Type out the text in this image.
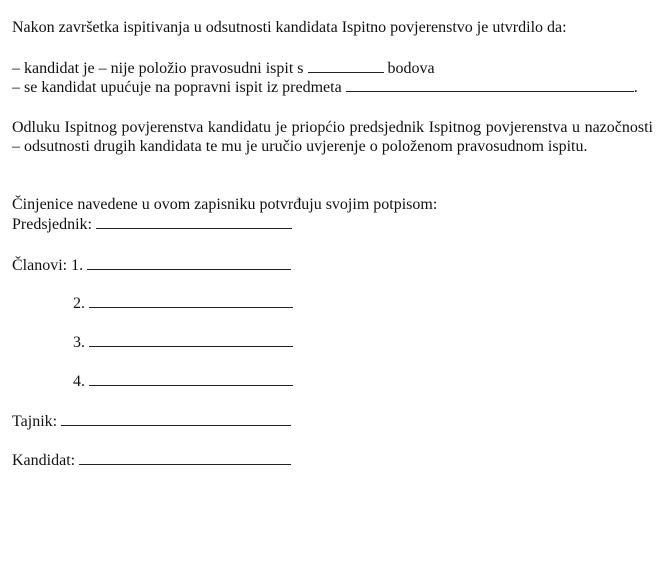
Nakon završetka ispitivanja u odsutnosti kandidata Ispitno povjerenstvo je utvrdilo da:
– kandidat je – nije položio pravosudni ispit s	bodova
– se kandidat upućuje na popravni ispit iz predmeta	.
Odluku Ispitnog povjerenstva kandidatu je priopćio predsjednik Ispitnog povjerenstva u nazočnosti – odsutnosti drugih kandidata te mu je uručio uvjerenje o položenom pravosudnom ispitu.
Činjenice navedene u ovom zapisniku potvrđuju svojim potpisom:
Predsjednik:
Članovi: 1.
2.
3.
4.
Tajnik:
Kandidat:
